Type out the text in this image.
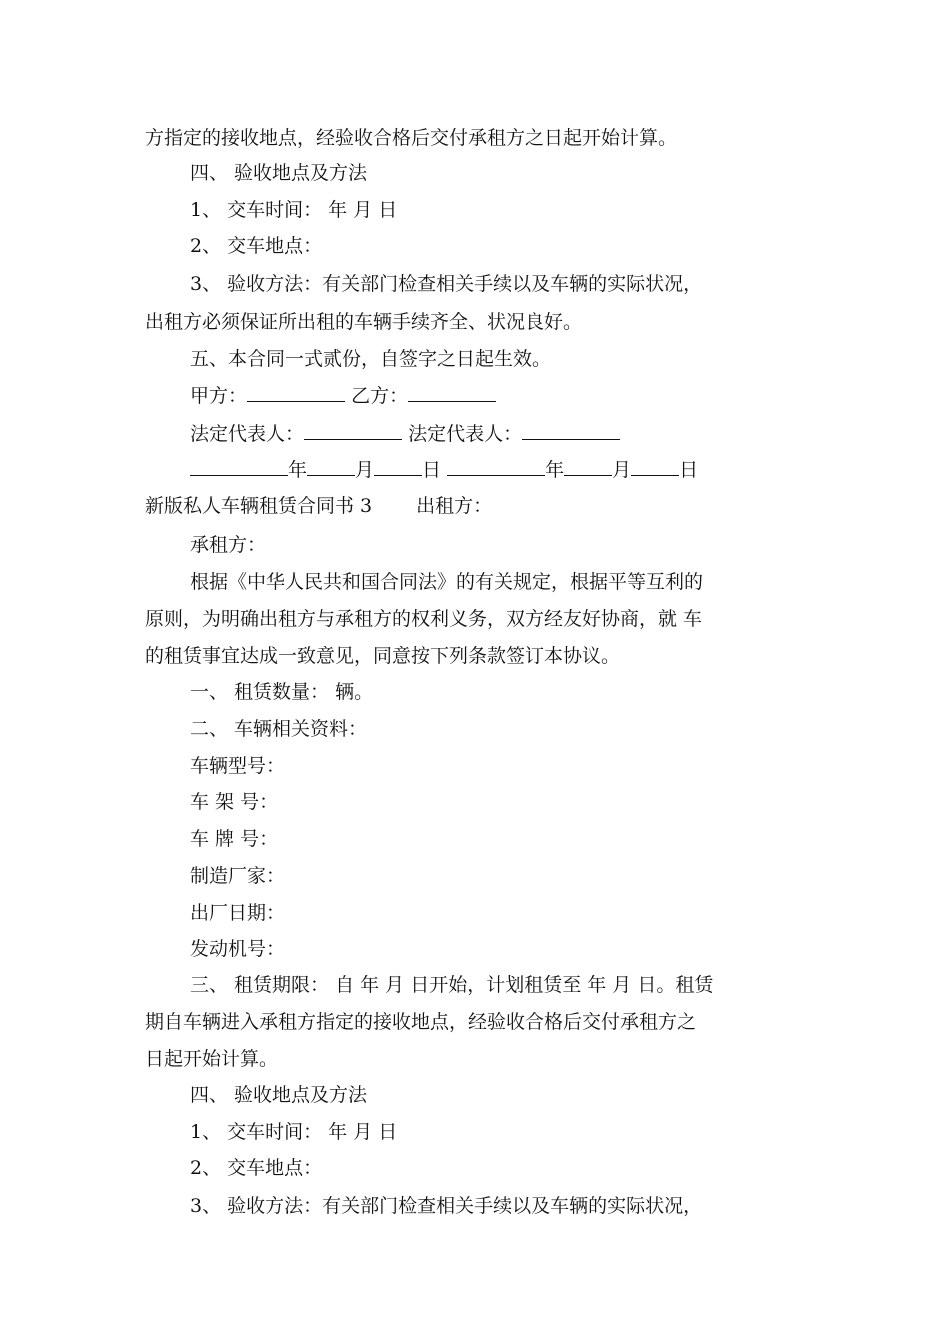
方指定的接收地点，经验收合格后交付承租方之日起开始计算。
四、 验收地点及方法
1、 交车时间： 年 月 日
2、 交车地点：
3、 验收方法：有关部门检查相关手续以及车辆的实际状况，
出租方必须保证所出租的车辆手续齐全、状况良好。
五、本合同一式贰份，自签字之日起生效。
甲方：	乙方：
法定代表人：	法定代表人：
年	月	日	年	月	日
新版私人车辆租赁合同书 3 出租方：
承租方：
根据《中华人民共和国合同法》的有关规定，根据平等互利的
原则，为明确出租方与承租方的权利义务，双方经友好协商，就 车
的租赁事宜达成一致意见，同意按下列条款签订本协议。
一、 租赁数量： 辆。
二、 车辆相关资料：
车辆型号：
车 架 号：
车 牌 号：
制造厂家：
出厂日期：
发动机号：
三、 租赁期限： 自 年 月 日开始，计划租赁至 年 月 日。租赁
期自车辆进入承租方指定的接收地点，经验收合格后交付承租方之
日起开始计算。
四、 验收地点及方法
1、 交车时间： 年 月 日
2、 交车地点：
3、 验收方法：有关部门检查相关手续以及车辆的实际状况，
